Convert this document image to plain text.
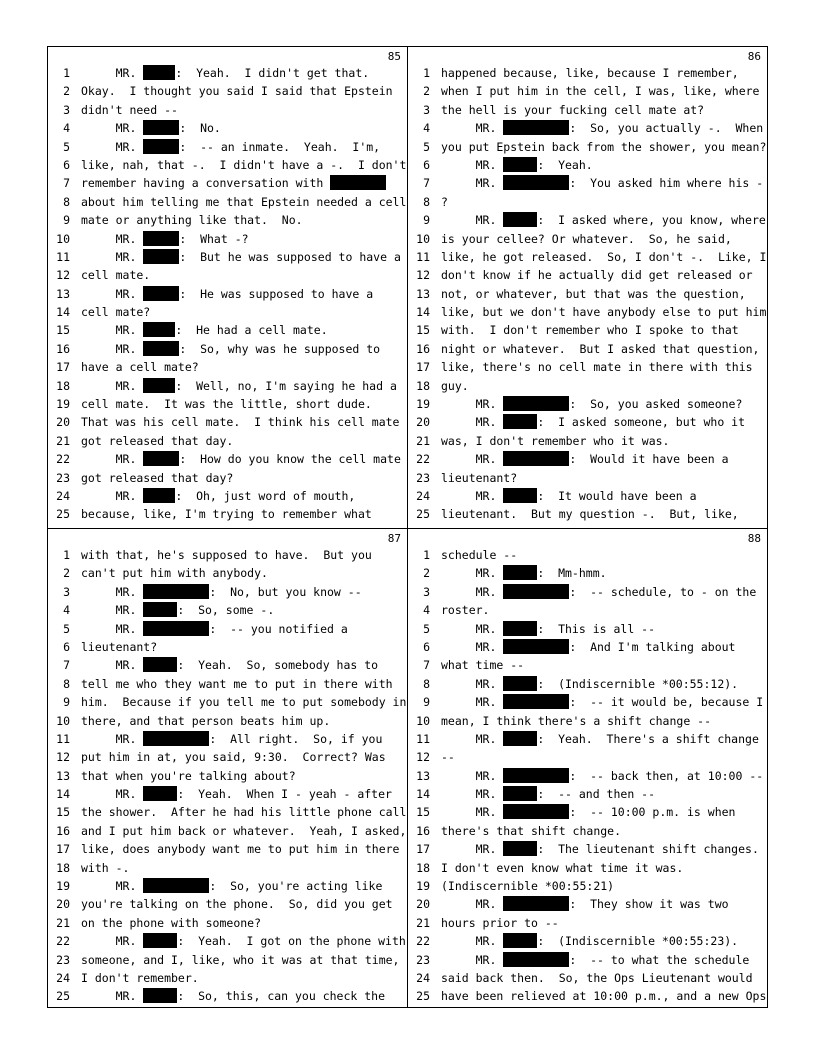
85
1 MR.	:  Yeah.  I didn't get that.
2 Okay.  I thought you said I said that Epstein
3 didn't need --
4 MR.	:  No.
5 MR.	:  -- an inmate.  Yeah.  I'm,
6 like, nah, that -.  I didn't have a -.  I don't
7 remember having a conversation with
8 about him telling me that Epstein needed a cell
9 mate or anything like that.  No.
10 MR.	:  What -?
11 MR.	:  But he was supposed to have a
12 cell mate.
13 MR.	:  He was supposed to have a
14 cell mate?
15 MR.	:  He had a cell mate.
16 MR.	:  So, why was he supposed to
17 have a cell mate?
18 MR.	:  Well, no, I'm saying he had a
19 cell mate.  It was the little, short dude.
20 That was his cell mate.  I think his cell mate
21 got released that day.
22 MR.	:  How do you know the cell mate
23 got released that day?
24 MR.	:  Oh, just word of mouth,
25 because, like, I'm trying to remember what
86
1 happened because, like, because I remember,
2 when I put him in the cell, I was, like, where
3 the hell is your fucking cell mate at?
4 MR.	:  So, you actually -.  When
5 you put Epstein back from the shower, you mean?
6 MR.	:  Yeah.
7 MR.	:  You asked him where his -
8 ?
9 MR.	:  I asked where, you know, where
10 is your cellee? Or whatever.  So, he said,
11 like, he got released.  So, I don't -.  Like, I
12 don't know if he actually did get released or
13 not, or whatever, but that was the question,
14 like, but we don't have anybody else to put him
15 with.  I don't remember who I spoke to that
16 night or whatever.  But I asked that question,
17 like, there's no cell mate in there with this
18 guy.
19 MR.	:  So, you asked someone?
20 MR.	:  I asked someone, but who it
21 was, I don't remember who it was.
22 MR.	:  Would it have been a
23 lieutenant?
24 MR.	:  It would have been a
25 lieutenant.  But my question -.  But, like,
87
1 with that, he's supposed to have.  But you
2 can't put him with anybody.
3 MR.	:  No, but you know --
4 MR.	:  So, some -.
5 MR.	:  -- you notified a
6 lieutenant?
7 MR.	:  Yeah.  So, somebody has to
8 tell me who they want me to put in there with
9 him.  Because if you tell me to put somebody in
10 there, and that person beats him up.
11 MR.	:  All right.  So, if you
12 put him in at, you said, 9:30.  Correct? Was
13 that when you're talking about?
14 MR.	:  Yeah.  When I - yeah - after
15 the shower.  After he had his little phone call
16 and I put him back or whatever.  Yeah, I asked,
17 like, does anybody want me to put him in there
18 with -.
19 MR.	:  So, you're acting like
20 you're talking on the phone.  So, did you get
21 on the phone with someone?
22 MR.	:  Yeah.  I got on the phone with
23 someone, and I, like, who it was at that time,
24 I don't remember.
25 MR.	:  So, this, can you check the
88
1 schedule --
2 MR.	:  Mm-hmm.
3 MR.	:  -- schedule, to - on the
4 roster.
5 MR.	:  This is all --
6 MR.	:  And I'm talking about
7 what time --
8 MR.	:  (Indiscernible *00:55:12).
9 MR.	:  -- it would be, because I
10 mean, I think there's a shift change --
11 MR.	:  Yeah.  There's a shift change
12 --
13 MR.	:  -- back then, at 10:00 --
14 MR.	:  -- and then --
15 MR.	:  -- 10:00 p.m. is when
16 there's that shift change.
17 MR.	:  The lieutenant shift changes.
18 I don't even know what time it was.
19 (Indiscernible *00:55:21)
20 MR.	:  They show it was two
21 hours prior to --
22 MR.	:  (Indiscernible *00:55:23).
23 MR.	:  -- to what the schedule
24 said back then.  So, the Ops Lieutenant would
25 have been relieved at 10:00 p.m., and a new Ops
